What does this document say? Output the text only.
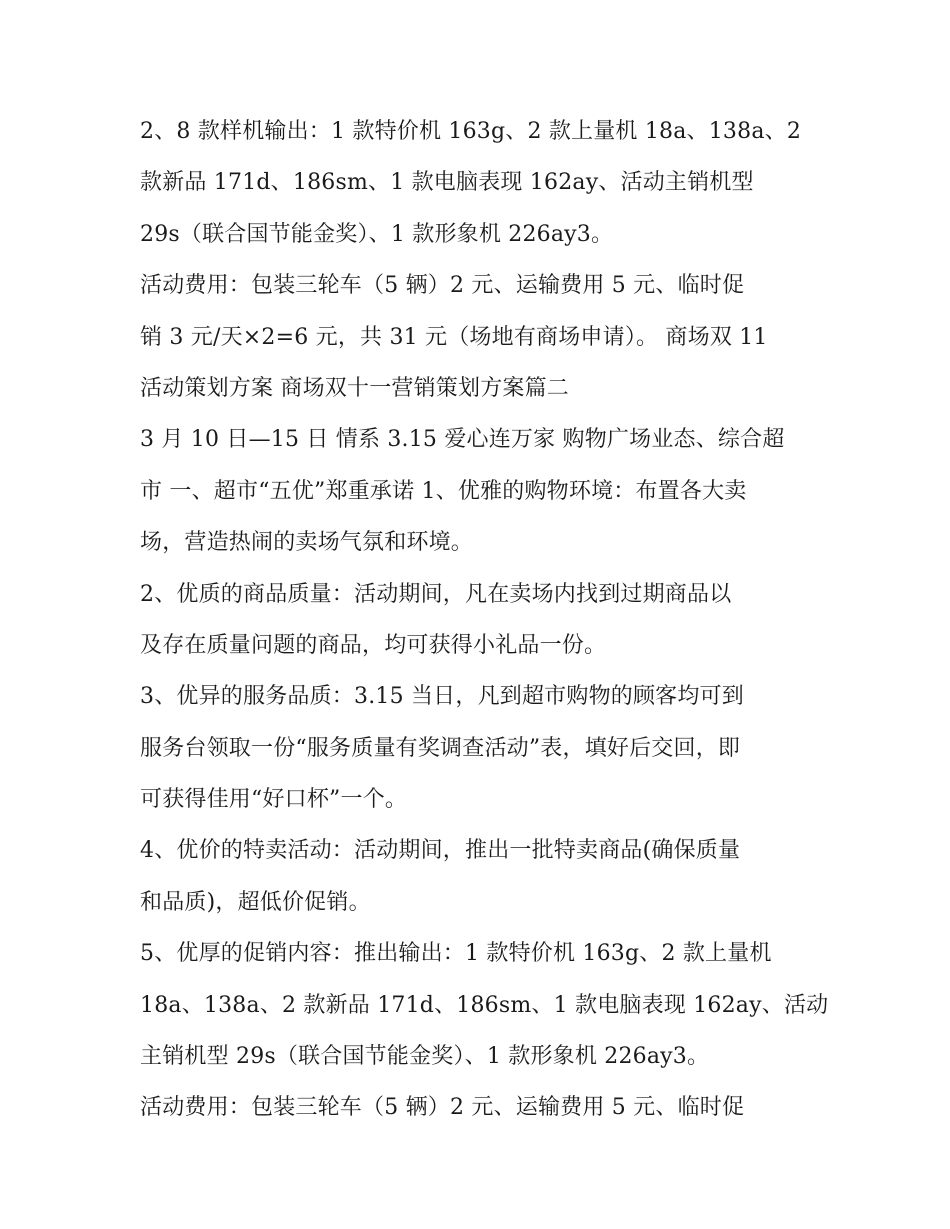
2、8 款样机输出：1 款特价机 163g、2 款上量机 18a、138a、2
款新品 171d、186sm、1 款电脑表现 162ay、活动主销机型
29s（联合国节能金奖）、1 款形象机 226ay3。
活动费用：包装三轮车（5 辆）2 元、运输费用 5 元、临时促
销 3 元/天×2=6 元，共 31 元（场地有商场申请）。 商场双 11
活动策划方案 商场双十一营销策划方案篇二
3 月 10 日—15 日 情系 3.15 爱心连万家 购物广场业态、综合超
市 一、超市“五优”郑重承诺 1、优雅的购物环境：布置各大卖
场，营造热闹的卖场气氛和环境。
2、优质的商品质量：活动期间，凡在卖场内找到过期商品以
及存在质量问题的商品，均可获得小礼品一份。
3、优异的服务品质：3.15 当日，凡到超市购物的顾客均可到
服务台领取一份“服务质量有奖调查活动”表，填好后交回，即
可获得佳用“好口杯”一个。
4、优价的特卖活动：活动期间，推出一批特卖商品(确保质量
和品质)，超低价促销。
5、优厚的促销内容：推出输出：1 款特价机 163g、2 款上量机
18a、138a、2 款新品 171d、186sm、1 款电脑表现 162ay、活动
主销机型 29s（联合国节能金奖）、1 款形象机 226ay3。
活动费用：包装三轮车（5 辆）2 元、运输费用 5 元、临时促
